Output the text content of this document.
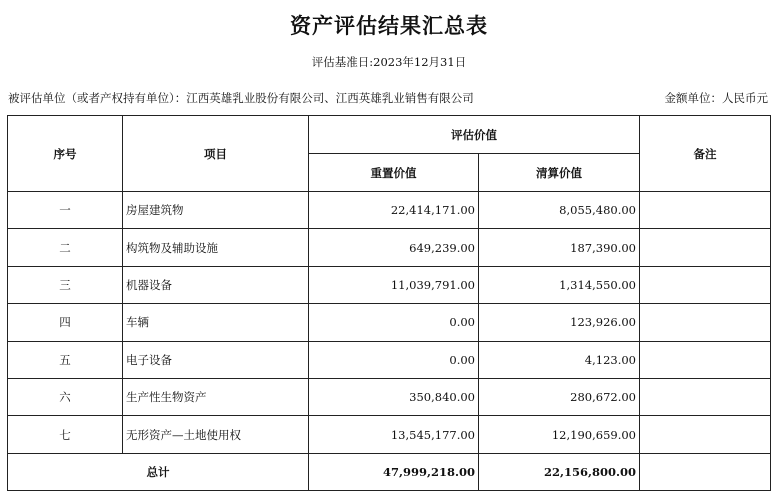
资产评估结果汇总表
评估基准日:2023年12月31日
被评估单位（或者产权持有单位）：江西英雄乳业股份有限公司、江西英雄乳业销售有限公司	金额单位：人民币元
序号	项目	评估价值		备注
		重置价值	清算价值	
一	房屋建筑物	22,414,171.00	8,055,480.00	
二	构筑物及辅助设施	649,239.00	187,390.00	
三	机器设备	11,039,791.00	1,314,550.00	
四	车辆	0.00	123,926.00	
五	电子设备	0.00	4,123.00	
六	生产性生物资产	350,840.00	280,672.00	
七	无形资产—土地使用权	13,545,177.00	12,190,659.00	
总计		47,999,218.00	22,156,800.00	
